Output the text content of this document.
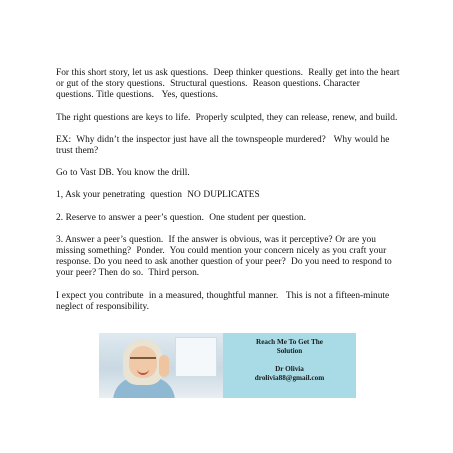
For this short story, let us ask questions.  Deep thinker questions.  Really get into the heart or gut of the story questions.  Structural questions.  Reason questions. Character questions. Title questions.   Yes, questions.

The right questions are keys to life.  Properly sculpted, they can release, renew, and build.

EX:  Why didn’t the inspector just have all the townspeople murdered?   Why would he trust them?

Go to Vast DB. You know the drill.

1, Ask your penetrating  question  NO DUPLICATES

2. Reserve to answer a peer’s question.  One student per question.

3. Answer a peer’s question.  If the answer is obvious, was it perceptive? Or are you missing something?  Ponder.  You could mention your concern nicely as you craft your response. Do you need to ask another question of your peer?  Do you need to respond to your peer? Then do so.  Third person.

I expect you contribute  in a measured, thoughtful manner.   This is not a fifteen-minute  neglect of responsibility.

Reach Me To Get The
Solution
Dr Olivia
drolivia88@gmail.com
